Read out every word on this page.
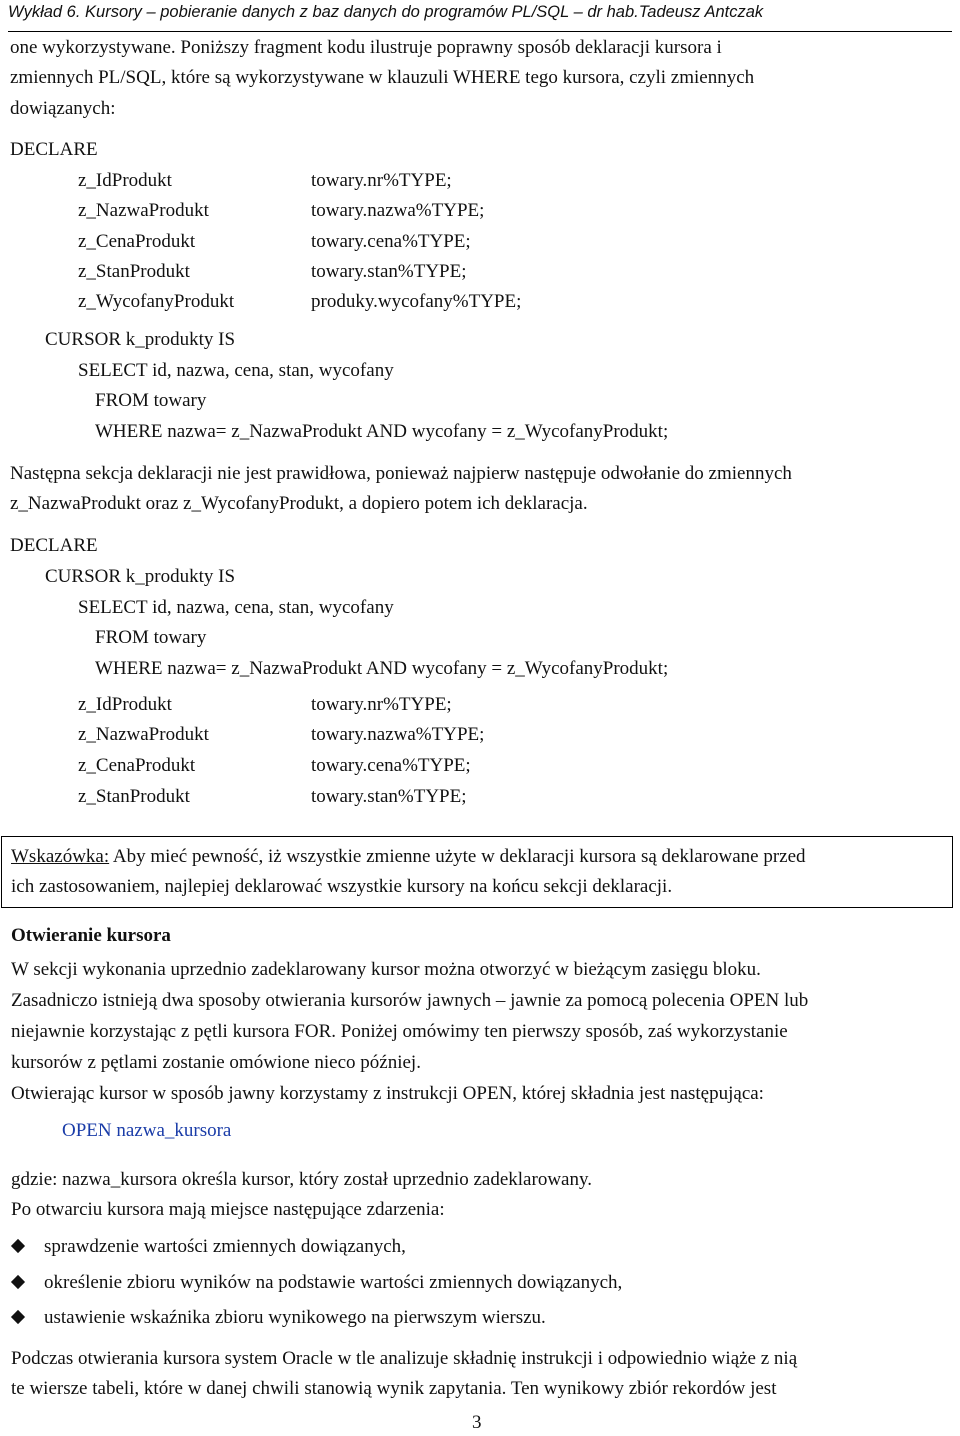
Wykład 6. Kursory – pobieranie danych z baz danych do programów PL/SQL – dr hab.Tadeusz Antczak
one wykorzystywane. Poniższy fragment kodu ilustruje poprawny sposób deklaracji kursora i
zmiennych PL/SQL, które są wykorzystywane w klauzuli WHERE tego kursora, czyli zmiennych
dowiązanych:
DECLARE
z_IdProdukt	towary.nr%TYPE;
z_NazwaProdukt	towary.nazwa%TYPE;
z_CenaProdukt	towary.cena%TYPE;
z_StanProdukt	towary.stan%TYPE;
z_WycofanyProdukt	produky.wycofany%TYPE;
CURSOR k_produkty IS
SELECT id, nazwa, cena, stan, wycofany
FROM towary
WHERE nazwa= z_NazwaProdukt AND wycofany = z_WycofanyProdukt;
Następna sekcja deklaracji nie jest prawidłowa, ponieważ najpierw następuje odwołanie do zmiennych
z_NazwaProdukt oraz z_WycofanyProdukt, a dopiero potem ich deklaracja.
DECLARE
CURSOR k_produkty IS
SELECT id, nazwa, cena, stan, wycofany
FROM towary
WHERE nazwa= z_NazwaProdukt AND wycofany = z_WycofanyProdukt;
z_IdProdukt	towary.nr%TYPE;
z_NazwaProdukt	towary.nazwa%TYPE;
z_CenaProdukt	towary.cena%TYPE;
z_StanProdukt	towary.stan%TYPE;
Wskazówka: Aby mieć pewność, iż wszystkie zmienne użyte w deklaracji kursora są deklarowane przed
ich zastosowaniem, najlepiej deklarować wszystkie kursory na końcu sekcji deklaracji.
Otwieranie kursora
W sekcji wykonania uprzednio zadeklarowany kursor można otworzyć w bieżącym zasięgu bloku.
Zasadniczo istnieją dwa sposoby otwierania kursorów jawnych – jawnie za pomocą polecenia OPEN lub
niejawnie korzystając z pętli kursora FOR. Poniżej omówimy ten pierwszy sposób, zaś wykorzystanie
kursorów z pętlami zostanie omówione nieco później.
Otwierając kursor w sposób jawny korzystamy z instrukcji OPEN, której składnia jest następująca:
OPEN nazwa_kursora
gdzie: nazwa_kursora określa kursor, który został uprzednio zadeklarowany.
Po otwarciu kursora mają miejsce następujące zdarzenia:
sprawdzenie wartości zmiennych dowiązanych,
określenie zbioru wyników na podstawie wartości zmiennych dowiązanych,
ustawienie wskaźnika zbioru wynikowego na pierwszym wierszu.
Podczas otwierania kursora system Oracle w tle analizuje składnię instrukcji i odpowiednio wiąże z nią
te wiersze tabeli, które w danej chwili stanowią wynik zapytania. Ten wynikowy zbiór rekordów jest
3
